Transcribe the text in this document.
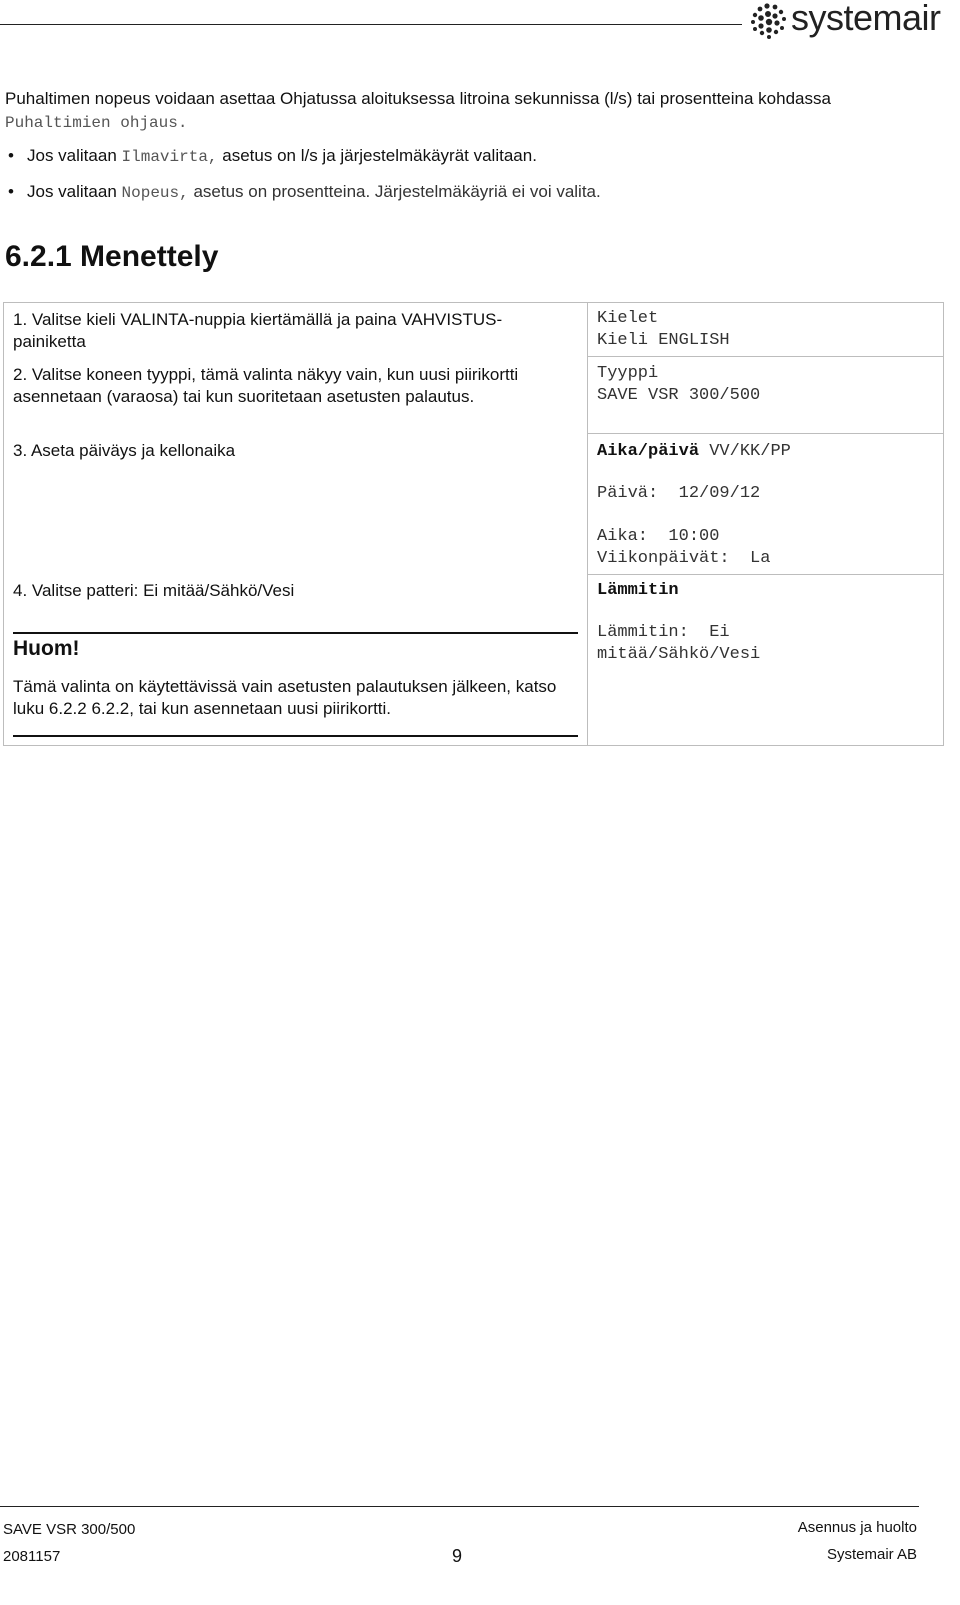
systemair

Puhaltimen nopeus voidaan asettaa Ohjatussa aloituksessa litroina sekunnissa (l/s) tai prosentteina kohdassa Puhaltimien ohjaus.

• Jos valitaan Ilmavirta, asetus on l/s ja järjestelmäkäyrät valitaan.
• Jos valitaan Nopeus, asetus on prosentteina. Järjestelmäkäyriä ei voi valita.
6.2.1 Menettely
1. Valitse kieli VALINTA-nuppia kiertämällä ja paina VAHVISTUS-painiketta
2. Valitse koneen tyyppi, tämä valinta näkyy vain, kun uusi piirikortti asennetaan (varaosa) tai kun suoritetaan asetusten palautus.
3. Aseta päiväys ja kellonaika
4. Valitse patteri: Ei mitää/Sähkö/Vesi
Huom!
Tämä valinta on käytettävissä vain asetusten palautuksen jälkeen, katso luku 6.2.2 6.2.2, tai kun asennetaan uusi piirikortti.
Kielet
Kieli ENGLISH
Tyyppi
SAVE VSR 300/500
Aika/päivä VV/KK/PP
Päivä:  12/09/12
Aika:  10:00
Viikonpäivät:  La
Lämmitin
Lämmitin:  Ei
mitää/Sähkö/Vesi
SAVE VSR 300/500
2081157	9
Asennus ja huolto
Systemair AB
